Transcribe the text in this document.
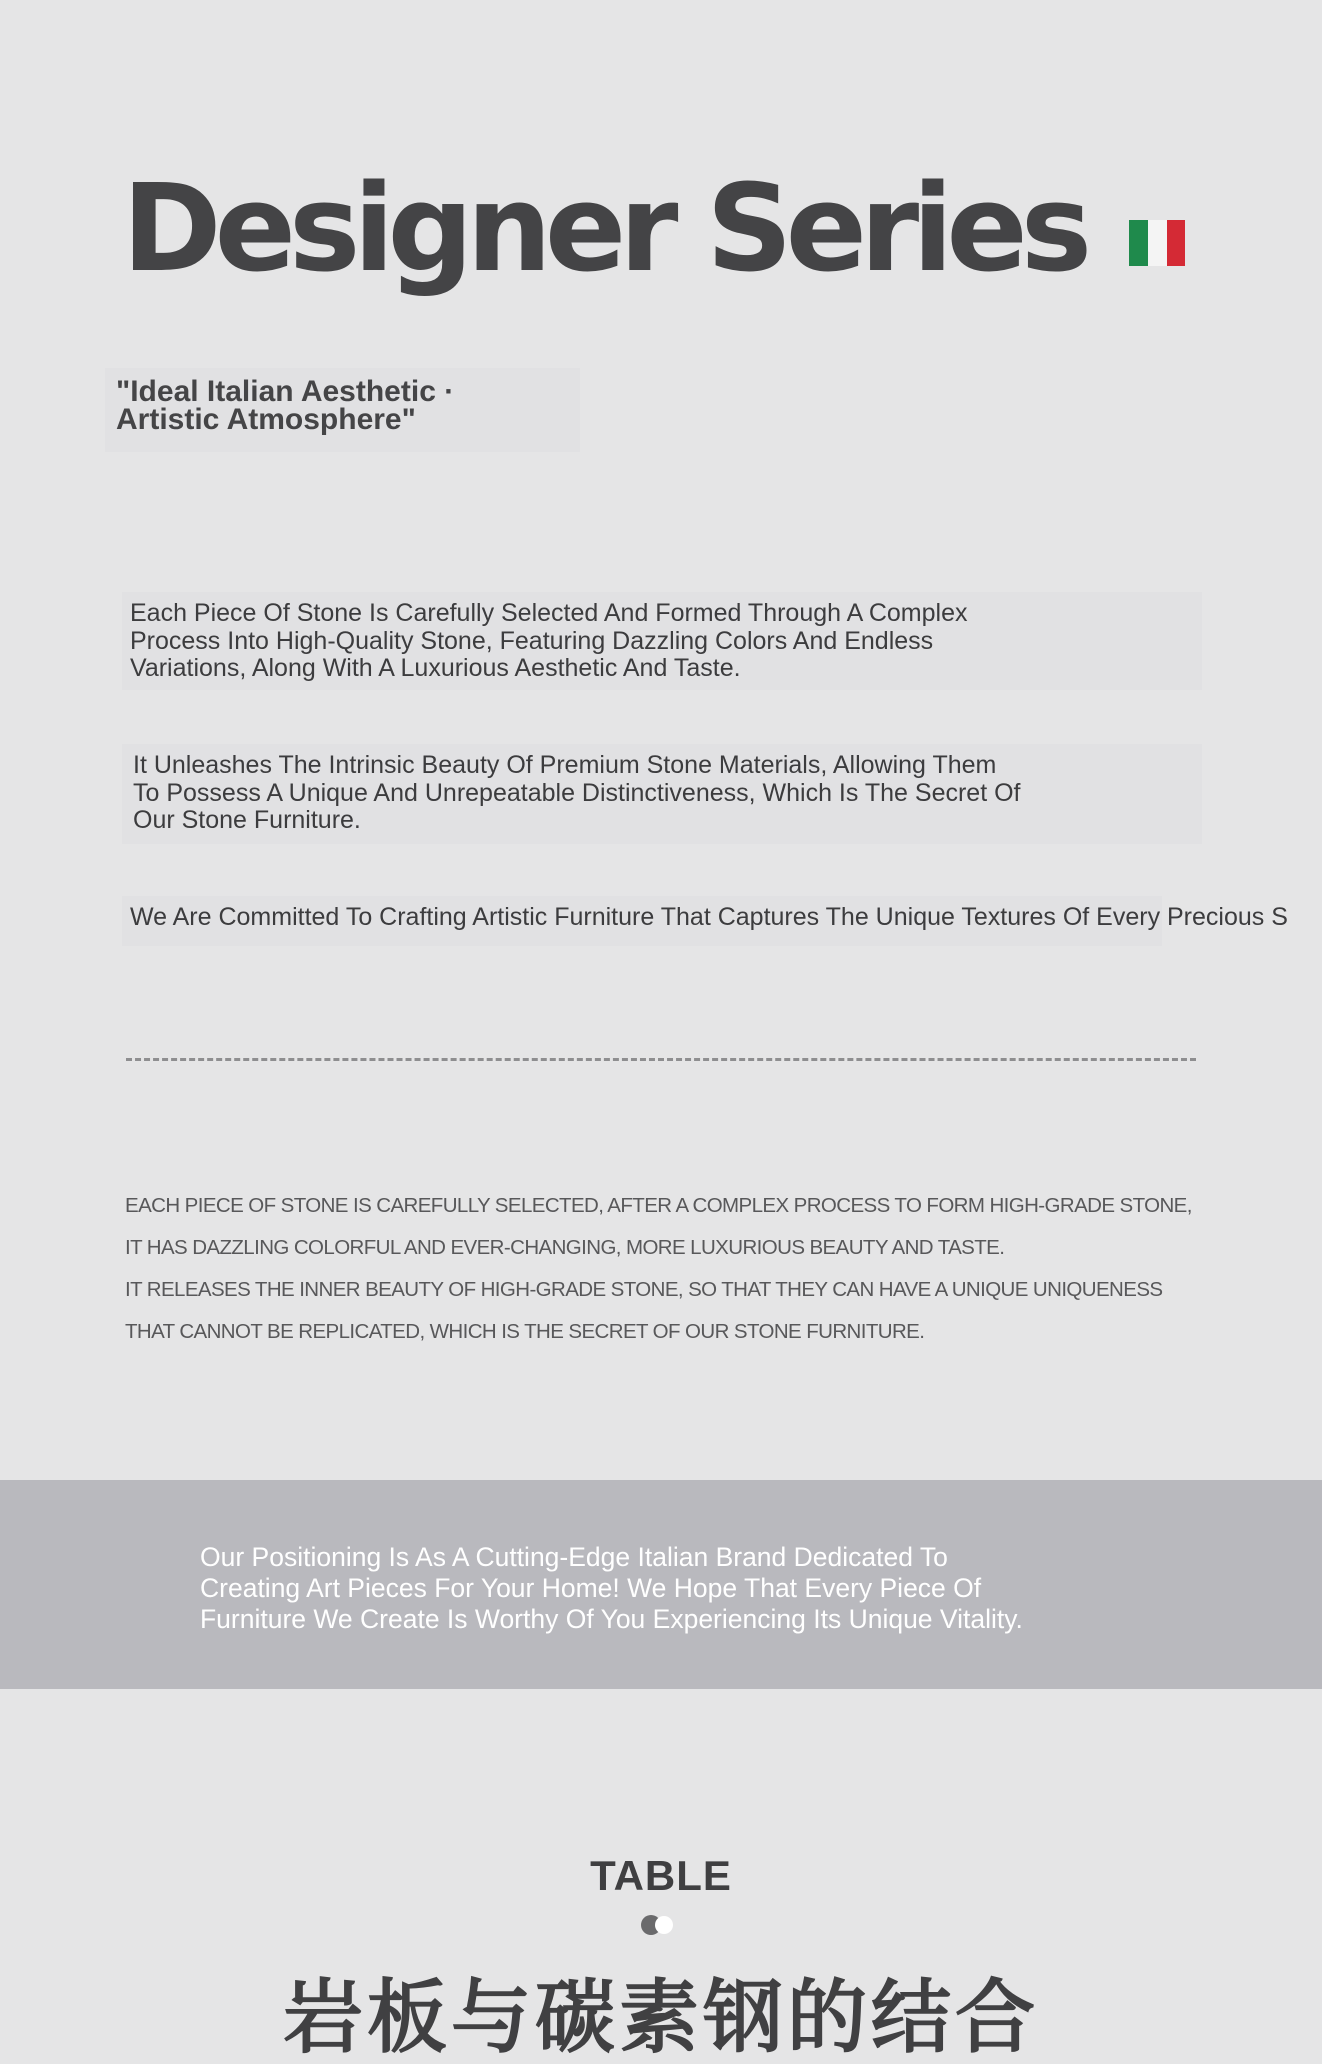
Designer Series
"Ideal Italian Aesthetic ·
Artistic Atmosphere"
Each Piece Of Stone Is Carefully Selected And Formed Through A Complex
Process Into High-Quality Stone, Featuring Dazzling Colors And Endless
Variations, Along With A Luxurious Aesthetic And Taste.
It Unleashes The Intrinsic Beauty Of Premium Stone Materials, Allowing Them
To Possess A Unique And Unrepeatable Distinctiveness, Which Is The Secret Of
Our Stone Furniture.
We Are Committed To Crafting Artistic Furniture That Captures The Unique Textures Of Every Precious S
EACH PIECE OF STONE IS CAREFULLY SELECTED, AFTER A COMPLEX PROCESS TO FORM HIGH-GRADE STONE,
IT HAS DAZZLING COLORFUL AND EVER-CHANGING, MORE LUXURIOUS BEAUTY AND TASTE.
IT RELEASES THE INNER BEAUTY OF HIGH-GRADE STONE, SO THAT THEY CAN HAVE A UNIQUE UNIQUENESS
THAT CANNOT BE REPLICATED, WHICH IS THE SECRET OF OUR STONE FURNITURE.
Our Positioning Is As A Cutting-Edge Italian Brand Dedicated To
Creating Art Pieces For Your Home! We Hope That Every Piece Of
Furniture We Create Is Worthy Of You Experiencing Its Unique Vitality.
TABLE
岩板与碳素钢的结合
